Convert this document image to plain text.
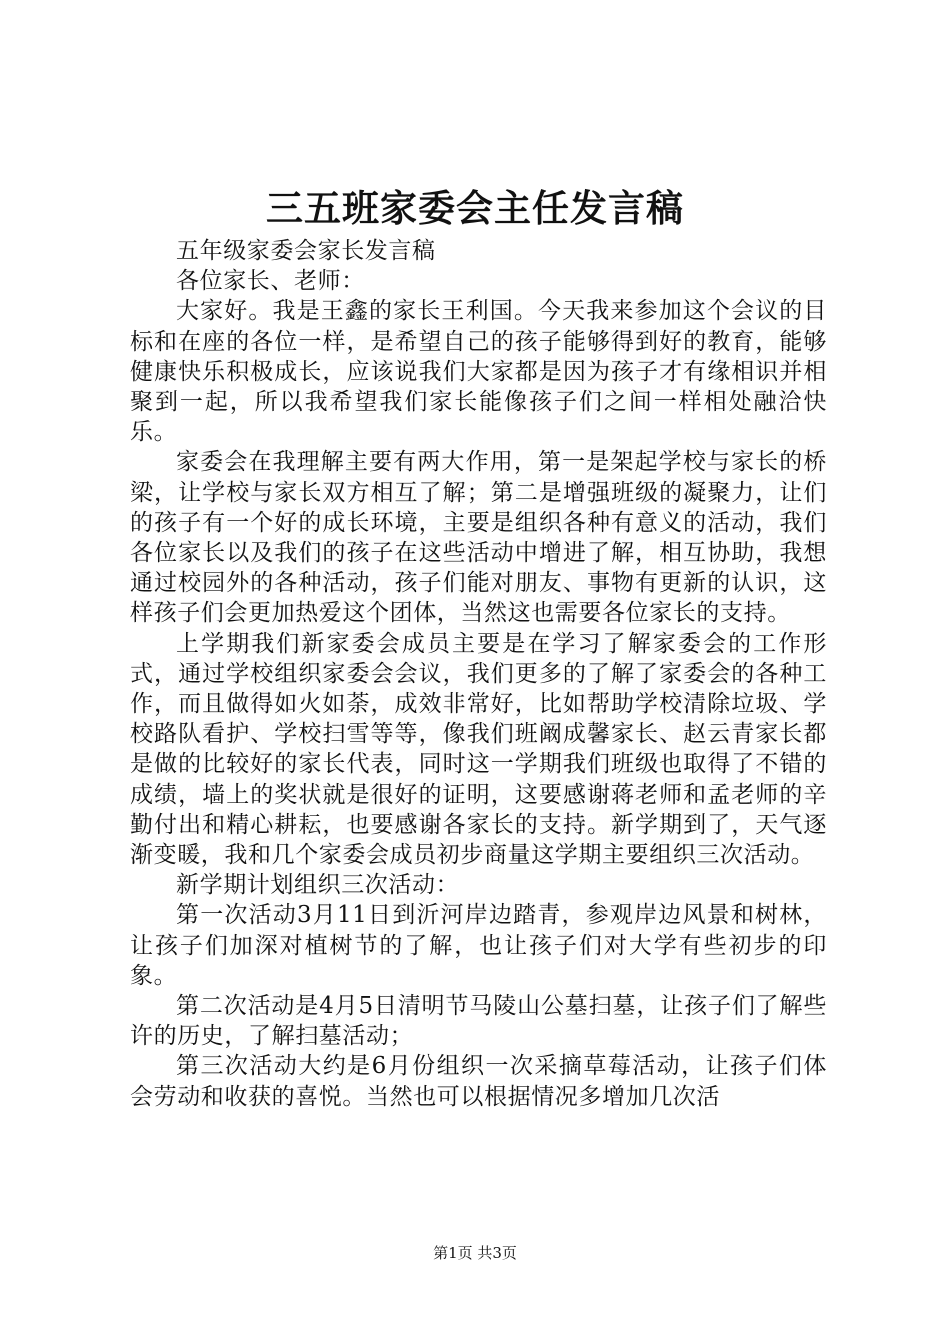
三五班家委会主任发言稿

五年级家委会家长发言稿

各位家长、老师：

大家好。我是王鑫的家长王利国。今天我来参加这个会议的目标和在座的各位一样，是希望自己的孩子能够得到好的教育，能够健康快乐积极成长，应该说我们大家都是因为孩子才有缘相识并相聚到一起，所以我希望我们家长能像孩子们之间一样相处融洽快乐。

家委会在我理解主要有两大作用，第一是架起学校与家长的桥梁，让学校与家长双方相互了解；第二是增强班级的凝聚力，让们的孩子有一个好的成长环境，主要是组织各种有意义的活动，我们各位家长以及我们的孩子在这些活动中增进了解，相互协助，我想通过校园外的各种活动，孩子们能对朋友、事物有更新的认识，这样孩子们会更加热爱这个团体，当然这也需要各位家长的支持。

上学期我们新家委会成员主要是在学习了解家委会的工作形式，通过学校组织家委会会议，我们更多的了解了家委会的各种工作，而且做得如火如荼，成效非常好，比如帮助学校清除垃圾、学校路队看护、学校扫雪等等，像我们班阚成馨家长、赵云青家长都是做的比较好的家长代表，同时这一学期我们班级也取得了不错的成绩，墙上的奖状就是很好的证明，这要感谢蒋老师和孟老师的辛勤付出和精心耕耘，也要感谢各家长的支持。新学期到了，天气逐渐变暖，我和几个家委会成员初步商量这学期主要组织三次活动。

新学期计划组织三次活动：

第一次活动3月11日到沂河岸边踏青，参观岸边风景和树林，让孩子们加深对植树节的了解，也让孩子们对大学有些初步的印象。

第二次活动是4月5日清明节马陵山公墓扫墓，让孩子们了解些许的历史，了解扫墓活动；

第三次活动大约是6月份组织一次采摘草莓活动，让孩子们体会劳动和收获的喜悦。当然也可以根据情况多增加几次活

第1页 共3页
